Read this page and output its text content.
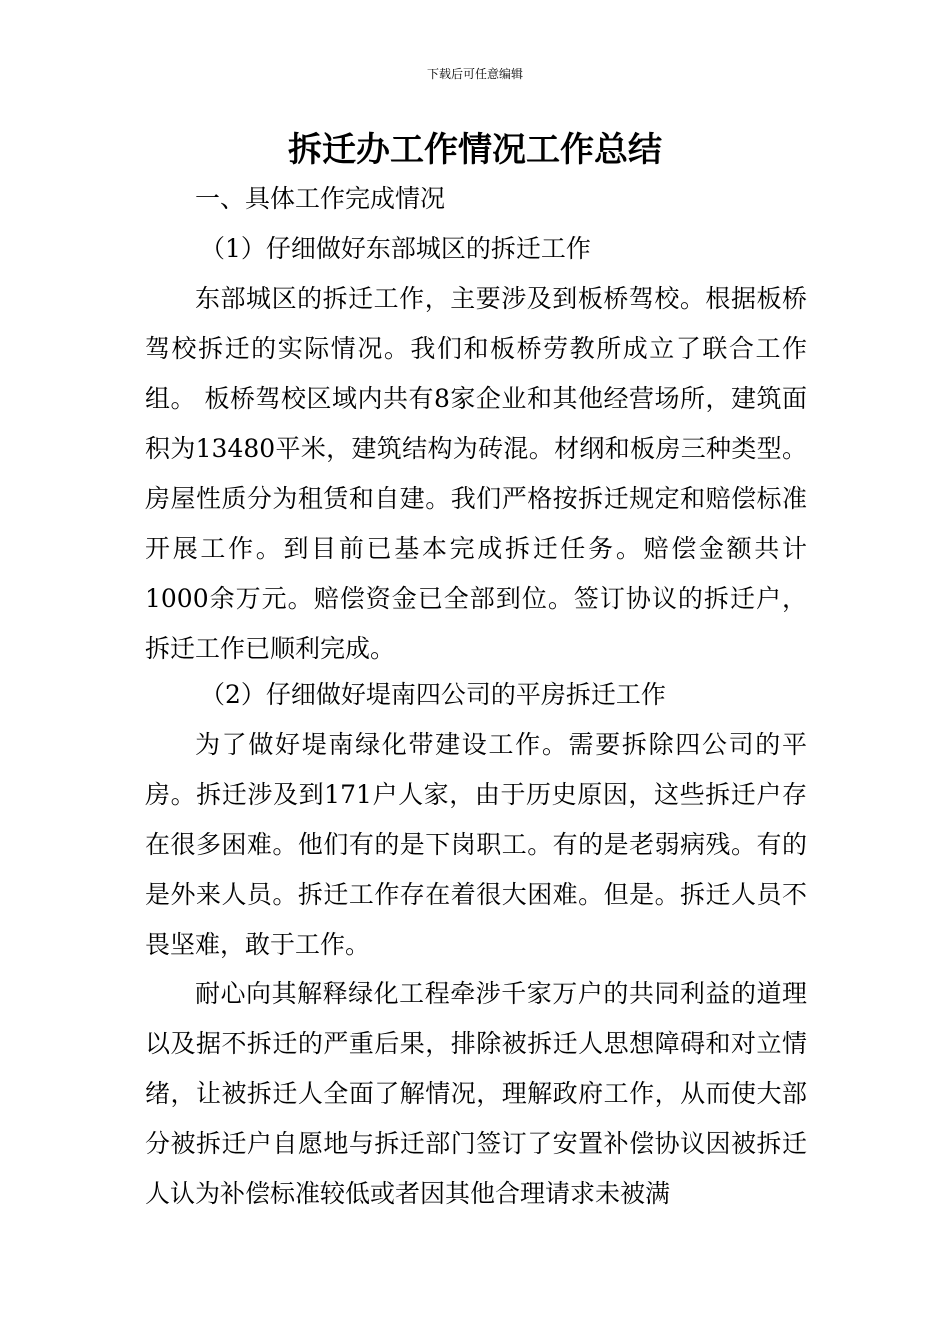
下载后可任意编辑
拆迁办工作情况工作总结
一、具体工作完成情况
（1）仔细做好东部城区的拆迁工作

东部城区的拆迁工作，主要涉及到板桥驾校。根据板桥驾校拆迁的实际情况。我们和板桥劳教所成立了联合工作组。 板桥驾校区域内共有8家企业和其他经营场所，建筑面积为13480平米，建筑结构为砖混。材纲和板房三种类型。房屋性质分为租赁和自建。我们严格按拆迁规定和赔偿标准开展工作。到目前已基本完成拆迁任务。赔偿金额共计1000余万元。赔偿资金已全部到位。签订协议的拆迁户，拆迁工作已顺利完成。

（2）仔细做好堤南四公司的平房拆迁工作

为了做好堤南绿化带建设工作。需要拆除四公司的平房。拆迁涉及到171户人家，由于历史原因，这些拆迁户存在很多困难。他们有的是下岗职工。有的是老弱病残。有的是外来人员。拆迁工作存在着很大困难。但是。拆迁人员不畏坚难，敢于工作。

耐心向其解释绿化工程牵涉千家万户的共同利益的道理以及据不拆迁的严重后果，排除被拆迁人思想障碍和对立情绪，让被拆迁人全面了解情况，理解政府工作，从而使大部分被拆迁户自愿地与拆迁部门签订了安置补偿协议因被拆迁人认为补偿标准较低或者因其他合理请求未被满
